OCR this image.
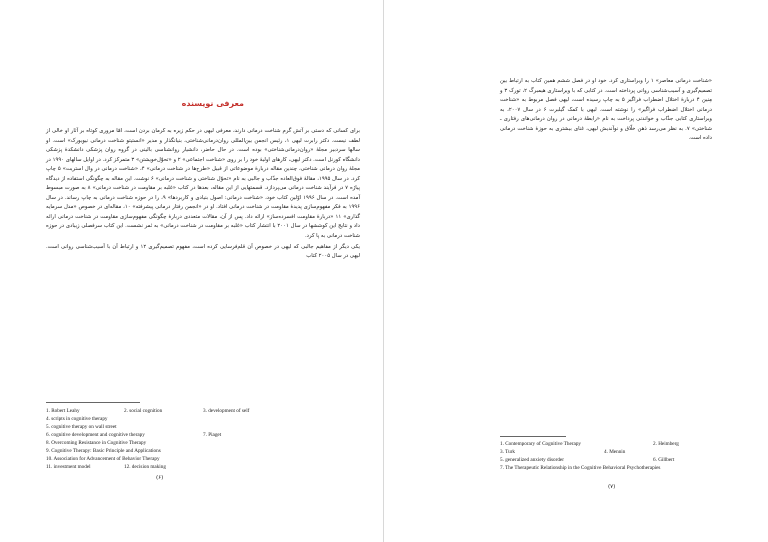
معرفی نویسنده

برای کسانی که دستی بر آتش گرم شناخت درمانی دارند، معرفی لیهی در حکم زیره به کرمان بردن است، امّا مروری کوتاه بر آثار او خالی از لطف نیست. دکتر رابرت لیهی ۱، رئیس انجمن بین‌المللی روان‌درمانی‌شناختی، بنیانگذار و مدیر «انستیتو شناخت درمانی نیویورک» است. او سالها سردبیر مجلهٔ «روان‌درمانی‌شناختی» بوده است. در حال حاضر، دانشیار روانشناسی بالینی در گروه روان پزشکی دانشکدهٔ پزشکی دانشگاه کورنل است. دکتر لیهی، کارهای اولیهٔ خود را بر روی «شناخت اجتماعی» ۲ و «تحوّل‌خویشتن» ۳ متمرکز کرد. در اوایل سالهای ۱۹۹۰ در مجلهٔ روان درمانی شناختی، چندین مقاله دربارهٔ موضوعاتی از قبیل «طرح‌ها در شناخت درمانی» ۴، «شناخت درمانی در وال استریت» ۵ چاپ کرد. در سال ۱۹۹۵، مقالهٔ فوق‌العاده جذّاب و جالبی به نام «تحوّل شناختی و شناخت درمانی» ۶ نوشت. این مقاله به چگونگی استفاده از دیدگاه پیاژه ۷ در فرآیند شناخت درمانی می‌پردازد. قسمتهایی از این مقاله، بعدها در کتاب «غلبه بر مقاومت در شناخت درمانی» ۸ به صورت مبسوط آمده است. در سال ۱۹۹۶ اوّلین کتاب خود، «شناخت درمانی: اصول بنیادی و کاربردها» ۹، را در حوزه شناخت درمانی به چاپ رساند. در سال ۱۹۹۶ به فکر مفهوم‌سازی پدیدهٔ مقاومت در شناخت درمانی افتاد. او در «انجمن رفتار درمانی پیشرفته» ۱۰، مقاله‌ای در خصوص «مدل سرمایه گذاری» ۱۱ «دربارهٔ مقاومت افسرده‌ساز» ارائه داد. پس از آن، مقالات متعددی دربارهٔ چگونگی مفهوم‌سازی مقاومت در شناخت درمانی ارائه داد و نتایج این کوششها در سال ۲۰۰۱ با انتشار کتاب «غلبه بر مقاومت در شناخت درمانی» به ثمر نشست. این کتاب سرفصلی زیبادی در حوزه شناخت درمانی به پا کرد.

یکی دیگر از مفاهیم جالبی که لیهی در خصوص آن قلم‌فرسایی کرده است، مفهوم تصمیم‌گیری ۱۲ و ارتباط آن با آسیب‌شناسی روانی است. لیهی در سال ۲۰۰۵ کتاب

1. Robert Leahy	2. social cognition	3. development of self
4. scripts in cognitive therapy
5. cognitive therapy on wall street
6. cognitive development and cognitive therapy	7. Piaget
8. Overcoming Resistance in Cognitive Therapy
9. Cognitive Therapy: Basic Principle and Applications
10. Association for Advancement of Behavior Therapy
11. investment model	12. decision making
(۶)

«شناخت درمانی معاصر» ۱ را ویراستاری کرد. خود او در فصل ششم همین کتاب به ارتباط بین تصمیم‌گیری و آسیب‌شناسی روانی پرداخته است. در کتابی که با ویراستاری هیمبرگ ۲، تورک ۳ و مِنین ۴ دربارهٔ اختلال اضطراب فراگیر ۵ به چاپ رسیده است، لیهی فصل مربوط به «شناخت درمانی اختلال اضطراب فراگیر» را نوشته است. لیهی با کمک گیلبرت ۶ در سال ۲۰۰۷، به ویراستاری کتابی جذّاب و خواندنی پرداخت به نام «رابطهٔ درمانی در روان درمانی‌های رفتاری ـ شناختی» ۷. به نظر می‌رسد ذهن خلّاق و نوآندیش لیهی، غنای بیشتری به حوزهٔ شناخت درمانی داده است.

1. Contemporary of Cognitive Therapy	2. Heimberg
3. Turk	4. Mennin
5. generalized anxiety disorder	6. Gillbert
7. The Therapeutic Relationship in the Cognitive Behavioral Psychotherapies
(۷)
